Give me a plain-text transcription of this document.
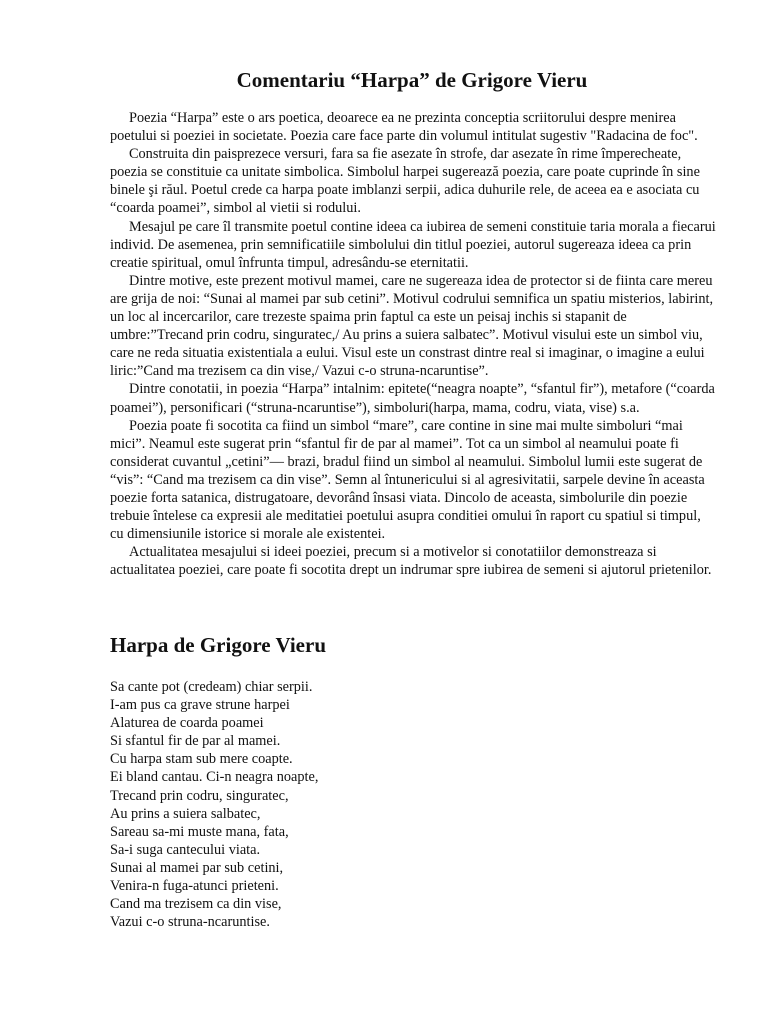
Comentariu “Harpa” de Grigore Vieru

Poezia “Harpa” este o ars poetica, deoarece ea ne prezinta conceptia scriitorului despre menirea poetului si poeziei in societate. Poezia care face parte din volumul intitulat sugestiv "Radacina de foc".

Construita din paisprezece versuri, fara sa fie asezate în strofe, dar asezate în rime împerecheate, poezia se constituie ca unitate simbolica. Simbolul harpei sugerează poezia, care poate cuprinde în sine binele şi răul. Poetul crede ca harpa poate imblanzi serpii, adica duhurile rele, de aceea ea e asociata cu “coarda poamei”, simbol al vietii si rodului.

Mesajul pe care îl transmite poetul contine ideea ca iubirea de semeni constituie taria morala a fiecarui individ. De asemenea, prin semnificatiile simbolului din titlul poeziei, autorul sugereaza ideea ca prin creatie spiritual, omul înfrunta timpul, adresându-se eternitatii.

Dintre motive, este prezent motivul mamei, care ne sugereaza idea de protector si de fiinta care mereu are grija de noi: “Sunai al mamei par sub cetini”. Motivul codrului semnifica un spatiu misterios, labirint, un loc al incercarilor, care trezeste spaima prin faptul ca este un peisaj inchis si stapanit de umbre:”Trecand prin codru, singuratec,/ Au prins a suiera salbatec”. Motivul visului este un simbol viu, care ne reda situatia existentiala a eului. Visul este un constrast dintre real si imaginar, o imagine a eului liric:”Cand ma trezisem ca din vise,/ Vazui c-o struna-ncaruntise”.

Dintre conotatii, in poezia “Harpa” intalnim: epitete(“neagra noapte”, “sfantul fir”), metafore (“coarda poamei”), personificari (“struna-ncaruntise”), simboluri(harpa, mama, codru, viata, vise) s.a.

Poezia poate fi socotita ca fiind un simbol “mare”, care contine in sine mai multe simboluri “mai mici”. Neamul este sugerat prin “sfantul fir de par al mamei”. Tot ca un simbol al neamului poate fi considerat cuvantul „cetini”— brazi, bradul fiind un simbol al neamului. Simbolul lumii este sugerat de “vis”: “Cand ma trezisem ca din vise”. Semn al întunericului si al agresivitatii, sarpele devine în aceasta poezie forta satanica, distrugatoare, devorând însasi viata. Dincolo de aceasta, simbolurile din poezie trebuie întelese ca expresii ale meditatiei poetului asupra conditiei omului în raport cu spatiul si timpul, cu dimensiunile istorice si morale ale existentei.

Actualitatea mesajului si ideei poeziei, precum si a motivelor si conotatiilor demonstreaza si actualitatea poeziei, care poate fi socotita drept un indrumar spre iubirea de semeni si ajutorul prietenilor.

Harpa de Grigore Vieru
Sa cante pot (credeam) chiar serpii.
I-am pus ca grave strune harpei
Alaturea de coarda poamei
Si sfantul fir de par al mamei.
Cu harpa stam sub mere coapte.
Ei bland cantau. Ci-n neagra noapte,
Trecand prin codru, singuratec,
Au prins a suiera salbatec,
Sareau sa-mi muste mana, fata,
Sa-i suga cantecului viata.
Sunai al mamei par sub cetini,
Venira-n fuga-atunci prieteni.
Cand ma trezisem ca din vise,
Vazui c-o struna-ncaruntise.
